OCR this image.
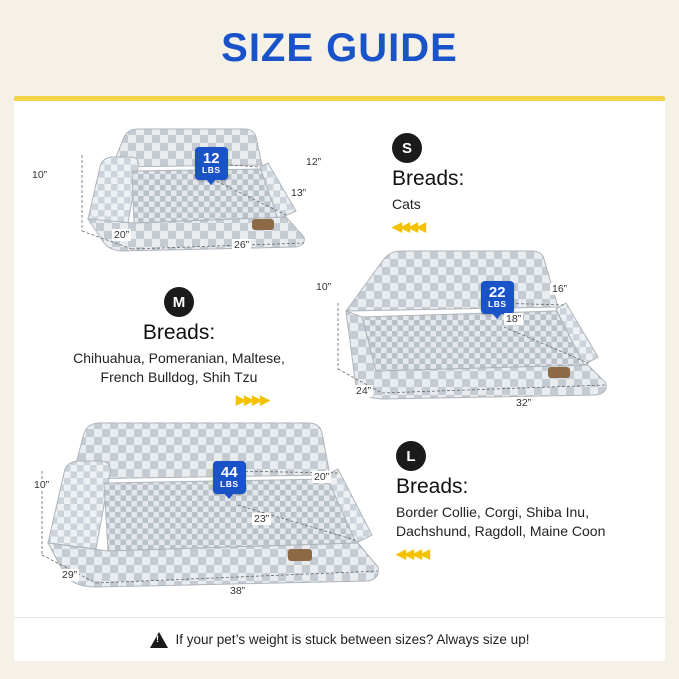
SIZE GUIDE
12
LBS
10”
12”
13”
20”
26”
S
Breads:
Cats
◀◀◀◀
22
LBS
10”	16”
18”
24”
32”
M
Breads:
Chihuahua, Pomeranian, Maltese,
French Bulldog, Shih Tzu
▶▶▶▶
44
LBS
10”
20”
23”
29”
38”
L
Breads:
Border Collie, Corgi, Shiba Inu,
Dachshund, Ragdoll, Maine Coon
◀◀◀◀
!
If your pet’s weight is stuck between sizes? Always size up!
